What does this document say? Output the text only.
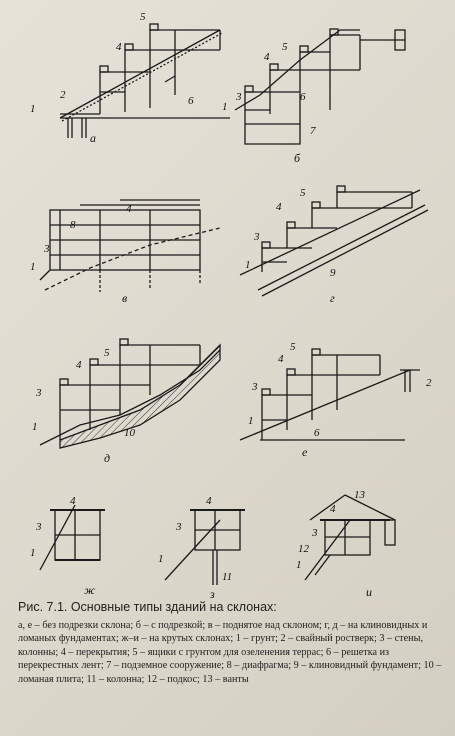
1
2
4
5
6
а
1
3
4
5
6
7
б
1
3
4
8
в
1
3
4
5
9
г
1
3
4
5
10
д
1
2
3
4
5
6
е
1
3
4
ж
1
3
4
11
з
1
3
4
12
13
и
Рис. 7.1. Основные типы зданий на склонах:
а, е – без подрезки склона; б – с подрезкой; в – поднятое над склоном; г, д – на клиновидных и ломаных фундаментах; ж–и – на крутых склонах; 1 – грунт; 2 – свайный ростверк; 3 – стены, колонны; 4 – перекрытия; 5 – ящики с грунтом для озеленения террас; 6 – решетка из перекрестных лент; 7 – подземное сооружение; 8 – диафрагма; 9 – клиновидный фундамент; 10 – ломаная плита; 11 – колонна; 12 – подкос; 13 – ванты
